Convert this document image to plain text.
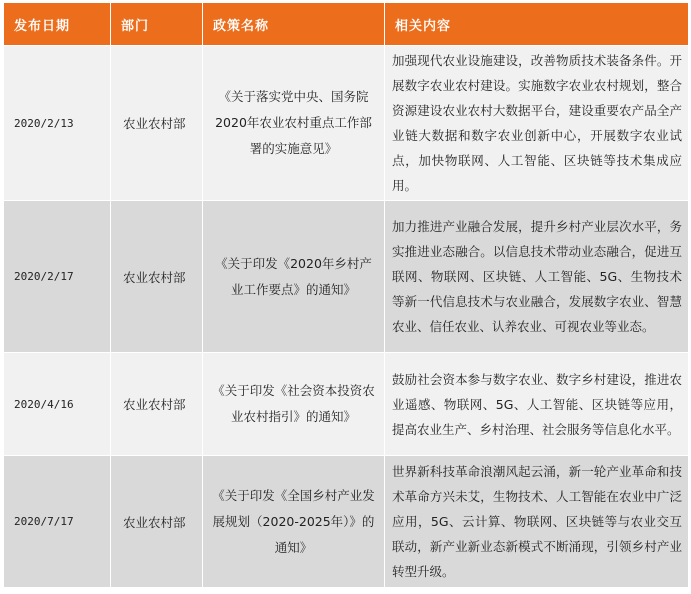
发布日期	部门	政策名称	相关内容
2020/2/13	农业农村部	《关于落实党中央、国务院2020年农业农村重点工作部署的实施意见》	加强现代农业设施建设，改善物质技术装备条件。开展数字农业农村建设。实施数字农业农村规划，整合资源建设农业农村大数据平台，建设重要农产品全产业链大数据和数字农业创新中心，开展数字农业试点，加快物联网、人工智能、区块链等技术集成应用。
2020/2/17	农业农村部	《关于印发《2020年乡村产业工作要点》的通知》	加力推进产业融合发展，提升乡村产业层次水平，务实推进业态融合。以信息技术带动业态融合，促进互联网、物联网、区块链、人工智能、5G、生物技术等新一代信息技术与农业融合，发展数字农业、智慧农业、信任农业、认养农业、可视农业等业态。
2020/4/16	农业农村部	《关于印发《社会资本投资农业农村指引》的通知》	鼓励社会资本参与数字农业、数字乡村建设，推进农业遥感、物联网、5G、人工智能、区块链等应用，提高农业生产、乡村治理、社会服务等信息化水平。
2020/7/17	农业农村部	《关于印发《全国乡村产业发展规划（2020-2025年）》的通知》	世界新科技革命浪潮风起云涌，新一轮产业革命和技术革命方兴未艾，生物技术、人工智能在农业中广泛应用，5G、云计算、物联网、区块链等与农业交互联动，新产业新业态新模式不断涌现，引领乡村产业转型升级。
